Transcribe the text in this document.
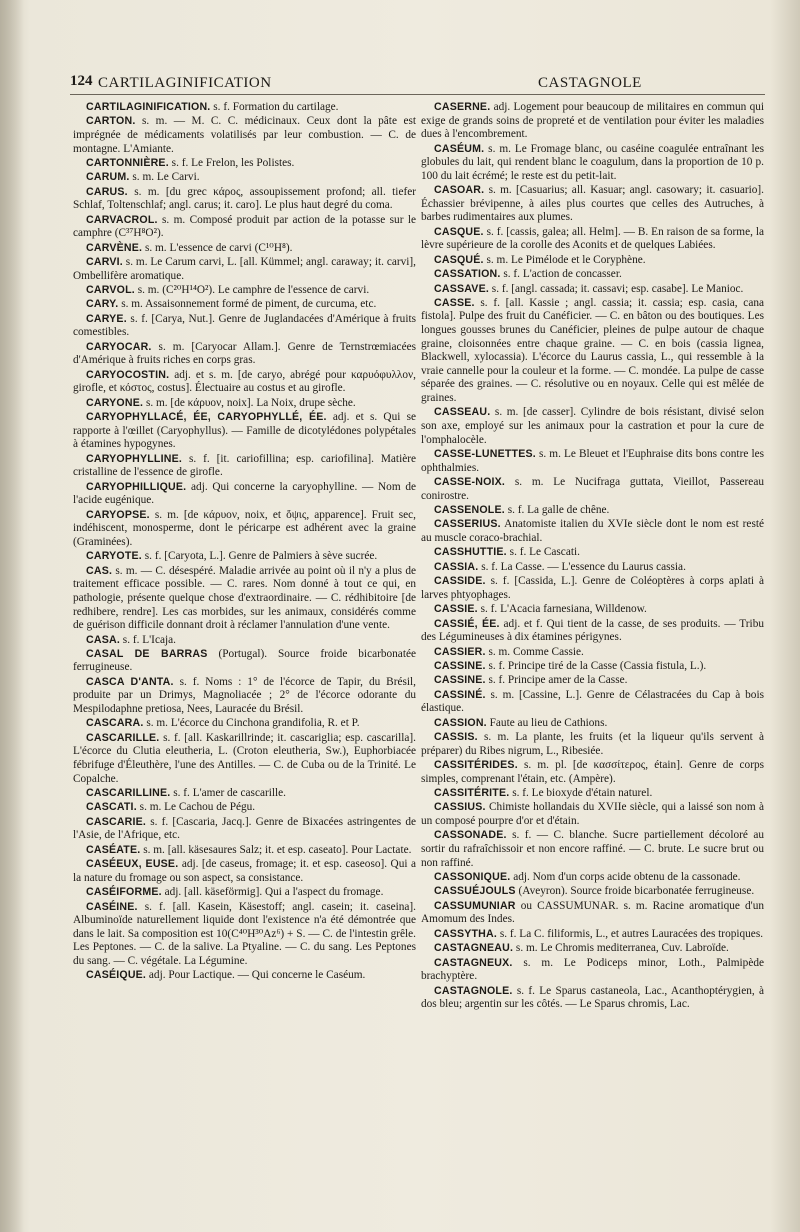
124 CARTILAGINIFICATION	CASTAGNOLE

CARTILAGINIFICATION. s. f. Formation du cartilage.

CARTON. s. m. — M. C. C. médicinaux. Ceux dont la pâte est imprégnée de médicaments volatilisés par leur combustion. — C. de montagne. L'Amiante.

CARTONNIÈRE. s. f. Le Frelon, les Polistes.

CARUM. s. m. Le Carvi.

CARUS. s. m. [du grec κάρος, assoupissement profond; all. tiefer Schlaf, Toltenschlaf; angl. carus; it. caro]. Le plus haut degré du coma.

CARVACROL. s. m. Composé produit par action de la potasse sur le camphre (C³⁷H⁸O²).

CARVÈNE. s. m. L'essence de carvi (C¹⁰H⁸).

CARVI. s. m. Le Carum carvi, L. [all. Kümmel; angl. caraway; it. carvi], Ombellifère aromatique.

CARVOL. s. m. (C²⁰H¹⁴O²). Le camphre de l'essence de carvi.

CARY. s. m. Assaisonnement formé de piment, de curcuma, etc.

CARYE. s. f. [Carya, Nut.]. Genre de Juglandacées d'Amérique à fruits comestibles.

CARYOCAR. s. m. [Caryocar Allam.]. Genre de Ternstrœmiacées d'Amérique à fruits riches en corps gras.

CARYOCOSTIN. adj. et s. m. [de caryo, abrégé pour καρυόφυλλον, girofle, et κόστος, costus]. Électuaire au costus et au girofle.

CARYONE. s. m. [de κάρυον, noix]. La Noix, drupe sèche.

CARYOPHYLLACÉ, ÉE, CARYOPHYLLÉ, ÉE. adj. et s. Qui se rapporte à l'œillet (Caryophyllus). — Famille de dicotylédones polypétales à étamines hypogynes.

CARYOPHYLLINE. s. f. [it. cariofillina; esp. cariofilina]. Matière cristalline de l'essence de girofle.

CARYOPHILLIQUE. adj. Qui concerne la caryophylline. — Nom de l'acide eugénique.

CARYOPSE. s. m. [de κάρυον, noix, et ὄψις, apparence]. Fruit sec, indéhiscent, monosperme, dont le péricarpe est adhérent avec la graine (Graminées).

CARYOTE. s. f. [Caryota, L.]. Genre de Palmiers à sève sucrée.

CAS. s. m. — C. désespéré. Maladie arrivée au point où il n'y a plus de traitement efficace possible. — C. rares. Nom donné à tout ce qui, en pathologie, présente quelque chose d'extraordinaire. — C. rédhibitoire [de redhibere, rendre]. Les cas morbides, sur les animaux, considérés comme de guérison difficile donnant droit à réclamer l'annulation d'une vente.

CASA. s. f. L'Icaja.

CASAL DE BARRAS (Portugal). Source froide bicarbonatée ferrugineuse.

CASCA D'ANTA. s. f. Noms : 1° de l'écorce de Tapir, du Brésil, produite par un Drimys, Magnoliacée ; 2° de l'écorce odorante du Mespilodaphne pretiosa, Nees, Lauracée du Brésil.

CASCARA. s. m. L'écorce du Cinchona grandifolia, R. et P.

CASCARILLE. s. f. [all. Kaskarillrinde; it. cascariglia; esp. cascarilla]. L'écorce du Clutia eleutheria, L. (Croton eleutheria, Sw.), Euphorbiacée fébrifuge d'Éleuthère, l'une des Antilles. — C. de Cuba ou de la Trinité. Le Copalche.

CASCARILLINE. s. f. L'amer de cascarille.

CASCATI. s. m. Le Cachou de Pégu.

CASCARIE. s. f. [Cascaria, Jacq.]. Genre de Bixacées astringentes de l'Asie, de l'Afrique, etc.

CASÉATE. s. m. [all. käsesaures Salz; it. et esp. caseato]. Pour Lactate.

CASÉEUX, EUSE. adj. [de caseus, fromage; it. et esp. caseoso]. Qui a la nature du fromage ou son aspect, sa consistance.

CASÉIFORME. adj. [all. käseförmig]. Qui a l'aspect du fromage.

CASÉINE. s. f. [all. Kasein, Käsestoff; angl. casein; it. caseina]. Albuminoïde naturellement liquide dont l'existence n'a été démontrée que dans le lait. Sa composition est 10(C⁴⁰H³⁰Az⁶) + S. — C. de l'intestin grêle. Les Peptones. — C. de la salive. La Ptyaline. — C. du sang. Les Peptones du sang. — C. végétale. La Légumine.

CASÉIQUE. adj. Pour Lactique. — Qui concerne le Caséum.

CASERNE. adj. Logement pour beaucoup de militaires en commun qui exige de grands soins de propreté et de ventilation pour éviter les maladies dues à l'encombrement.

CASÉUM. s. m. Le Fromage blanc, ou caséine coagulée entraînant les globules du lait, qui rendent blanc le coagulum, dans la proportion de 10 p. 100 du lait écrémé; le reste est du petit-lait.

CASOAR. s. m. [Casuarius; all. Kasuar; angl. casowary; it. casuario]. Échassier brévipenne, à ailes plus courtes que celles des Autruches, à barbes rudimentaires aux plumes.

CASQUE. s. f. [cassis, galea; all. Helm]. — B. En raison de sa forme, la lèvre supérieure de la corolle des Aconits et de quelques Labiées.

CASQUÉ. s. m. Le Pimélode et le Coryphène.

CASSATION. s. f. L'action de concasser.

CASSAVE. s. f. [angl. cassada; it. cassavi; esp. casabe]. Le Manioc.

CASSE. s. f. [all. Kassie ; angl. cassia; it. cassia; esp. casia, cana fistola]. Pulpe des fruit du Canéficier. — C. en bâton ou des boutiques. Les longues gousses brunes du Canéficier, pleines de pulpe autour de chaque graine, cloisonnées entre chaque graine. — C. en bois (cassia lignea, Blackwell, xylocassia). L'écorce du Laurus cassia, L., qui ressemble à la vraie cannelle pour la couleur et la forme. — C. mondée. La pulpe de casse séparée des graines. — C. résolutive ou en noyaux. Celle qui est mêlée de graines.

CASSEAU. s. m. [de casser]. Cylindre de bois résistant, divisé selon son axe, employé sur les animaux pour la castration et pour la cure de l'omphalocèle.

CASSE-LUNETTES. s. m. Le Bleuet et l'Euphraise dits bons contre les ophthalmies.

CASSE-NOIX. s. m. Le Nucifraga guttata, Vieillot, Passereau conirostre.

CASSENOLE. s. f. La galle de chêne.

CASSERIUS. Anatomiste italien du XVIe siècle dont le nom est resté au muscle coraco-brachial.

CASSHUTTIE. s. f. Le Cascati.

CASSIA. s. f. La Casse. — L'essence du Laurus cassia.

CASSIDE. s. f. [Cassida, L.]. Genre de Coléoptères à corps aplati à larves phtyophages.

CASSIE. s. f. L'Acacia farnesiana, Willdenow.

CASSIÉ, ÉE. adj. et f. Qui tient de la casse, de ses produits. — Tribu des Légumineuses à dix étamines périgynes.

CASSIER. s. m. Comme Cassie.

CASSINE. s. f. Principe tiré de la Casse (Cassia fistula, L.).

CASSINE. s. f. Principe amer de la Casse.

CASSINÉ. s. m. [Cassine, L.]. Genre de Célastracées du Cap à bois élastique.

CASSION. Faute au lieu de Cathions.

CASSIS. s. m. La plante, les fruits (et la liqueur qu'ils servent à préparer) du Ribes nigrum, L., Ribesiée.

CASSITÉRIDES. s. m. pl. [de κασσίτερος, étain]. Genre de corps simples, comprenant l'étain, etc. (Ampère).

CASSITÉRITE. s. f. Le bioxyde d'étain naturel.

CASSIUS. Chimiste hollandais du XVIIe siècle, qui a laissé son nom à un composé pourpre d'or et d'étain.

CASSONADE. s. f. — C. blanche. Sucre partiellement décoloré au sortir du rafraîchissoir et non encore raffiné. — C. brute. Le sucre brut ou non raffiné.

CASSONIQUE. adj. Nom d'un corps acide obtenu de la cassonade.

CASSUÉJOULS (Aveyron). Source froide bicarbonatée ferrugineuse.

CASSUMUNIAR ou CASSUMUNAR. s. m. Racine aromatique d'un Amomum des Indes.

CASSYTHA. s. f. La C. filiformis, L., et autres Lauracées des tropiques.

CASTAGNEAU. s. m. Le Chromis mediterranea, Cuv. Labroïde.

CASTAGNEUX. s. m. Le Podiceps minor, Loth., Palmipède brachyptère.

CASTAGNOLE. s. f. Le Sparus castaneola, Lac., Acanthoptérygien, à dos bleu; argentin sur les côtés. — Le Sparus chromis, Lac.
